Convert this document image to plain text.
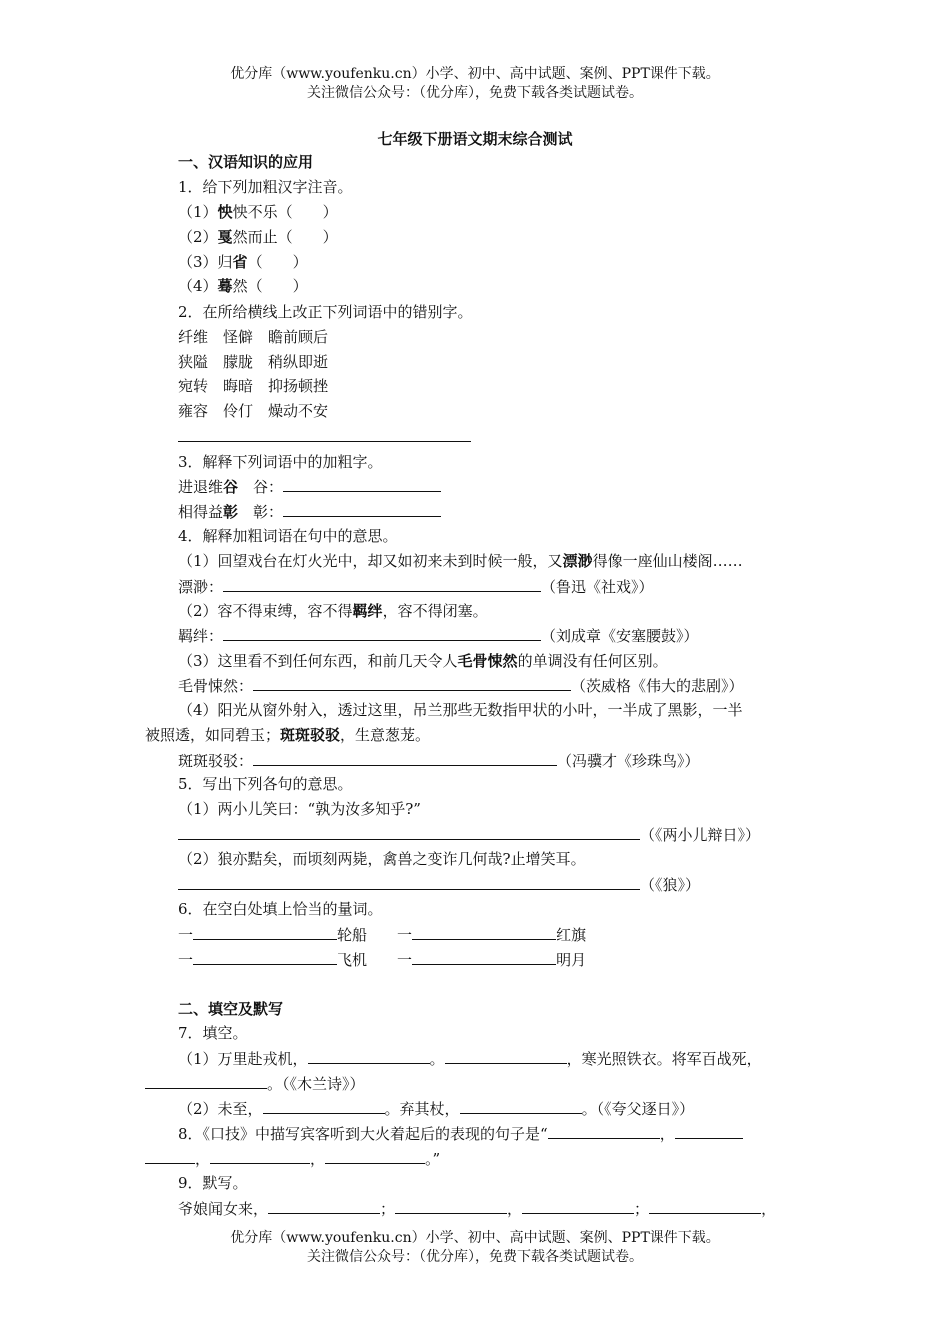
优分库（www.youfenku.cn）小学、初中、高中试题、案例、PPT课件下载。
关注微信公众号：（优分库），免费下载各类试题试卷。
七年级下册语文期末综合测试
一、汉语知识的应用
1．给下列加粗汉字注音。
（1）怏怏不乐（　　）
（2）戛然而止（　　）
（3）归省（　　）
（4）蓦然（　　）
2．在所给横线上改正下列词语中的错别字。
纤维　怪僻　瞻前顾后
狭隘　朦胧　稍纵即逝
宛转　晦暗　抑扬顿挫
雍容　伶仃　燥动不安
3．解释下列词语中的加粗字。
进退维谷　谷：
相得益彰　彰：
4．解释加粗词语在句中的意思。
（1）回望戏台在灯火光中，却又如初来未到时候一般，又漂渺得像一座仙山楼阁……
漂渺：	（鲁迅《社戏》）
（2）容不得束缚，容不得羁绊，容不得闭塞。
羁绊：	（刘成章《安塞腰鼓》）
（3）这里看不到任何东西，和前几天令人毛骨悚然的单调没有任何区别。
毛骨悚然：	（茨威格《伟大的悲剧》）
（4）阳光从窗外射入，透过这里，吊兰那些无数指甲状的小叶，一半成了黑影，一半
被照透，如同碧玉；斑斑驳驳，生意葱茏。
斑斑驳驳：	（冯骥才《珍珠鸟》）
5．写出下列各句的意思。
（1）两小儿笑曰：“孰为汝多知乎?”
（《两小儿辩日》）
（2）狼亦黠矣，而顷刻两毙，禽兽之变诈几何哉?止增笑耳。
（《狼》）
6．在空白处填上恰当的量词。
一	轮船　　 一	红旗
一	飞机　　 一	明月
二、填空及默写
7．填空。
（1）万里赴戎机，	。	，寒光照铁衣。将军百战死，
。（《木兰诗》）
（2）未至，	。弃其杖，	。（《夸父逐日》）
8．《口技》中描写宾客听到大火着起后的表现的句子是“	，
，	，	。”
9．默写。
爷娘闻女来，	；	，	；	，
优分库（www.youfenku.cn）小学、初中、高中试题、案例、PPT课件下载。
关注微信公众号：（优分库），免费下载各类试题试卷。
